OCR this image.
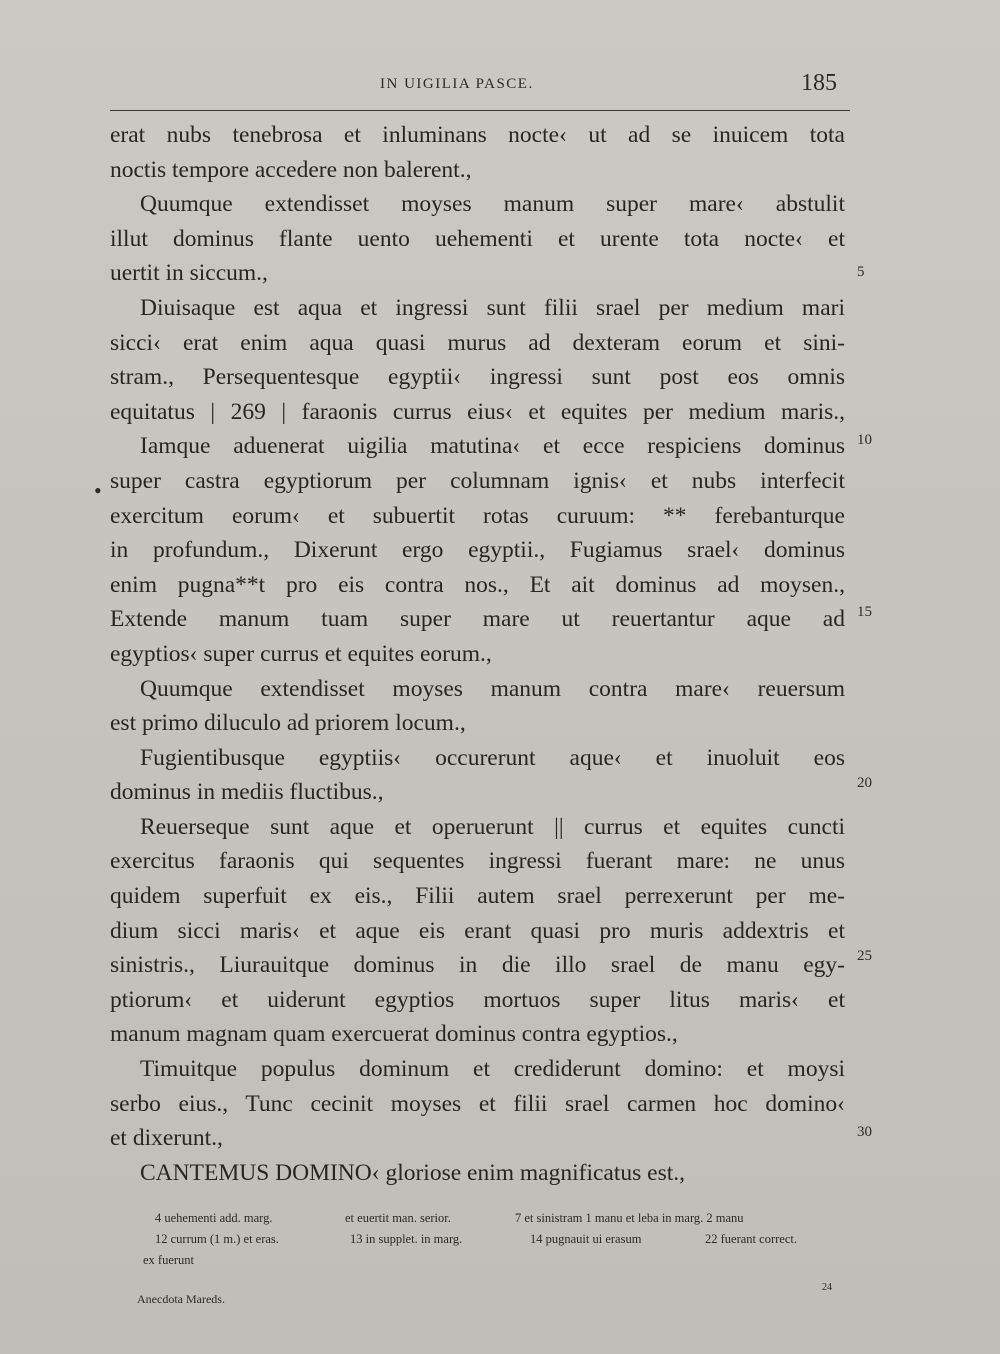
IN UIGILIA PASCE.	185
•
erat nubs tenebrosa et inluminans nocte‹ ut ad se inuicem tota
noctis tempore accedere non balerent.,
Quumque extendisset moyses manum super mare‹ abstulit
illut dominus flante uento uehementi et urente tota nocte‹ et
uertit in siccum.,
Diuisaque est aqua et ingressi sunt filii srael per medium mari
sicci‹ erat enim aqua quasi murus ad dexteram eorum et sini-
stram., Persequentesque egyptii‹ ingressi sunt post eos omnis
equitatus | 269 | faraonis currus eius‹ et equites per medium maris.,
Iamque aduenerat uigilia matutina‹ et ecce respiciens dominus
super castra egyptiorum per columnam ignis‹ et nubs interfecit
exercitum eorum‹ et subuertit rotas curuum: ** ferebanturque
in profundum., Dixerunt ergo egyptii., Fugiamus srael‹ dominus
enim pugna**t pro eis contra nos., Et ait dominus ad moysen.,
Extende manum tuam super mare ut reuertantur aque ad
egyptios‹ super currus et equites eorum.,
Quumque extendisset moyses manum contra mare‹ reuersum
est primo diluculo ad priorem locum.,
Fugientibusque egyptiis‹ occurerunt aque‹ et inuoluit eos
dominus in mediis fluctibus.,
Reuerseque sunt aque et operuerunt || currus et equites cuncti
exercitus faraonis qui sequentes ingressi fuerant mare: ne unus
quidem superfuit ex eis., Filii autem srael perrexerunt per me-
dium sicci maris‹ et aque eis erant quasi pro muris addextris et
sinistris., Liurauitque dominus in die illo srael de manu egy-
ptiorum‹ et uiderunt egyptios mortuos super litus maris‹ et
manum magnam quam exercuerat dominus contra egyptios.,
Timuitque populus dominum et crediderunt domino: et moysi
serbo eius., Tunc cecinit moyses et filii srael carmen hoc domino‹
et dixerunt.,
CANTEMUS DOMINO‹ gloriose enim magnificatus est.,
5
10
15
20
25
30
4 uehementi add. marg.	et euertit man. serior.	7 et sinistram 1 manu et leba in marg. 2 manu
12 currum (1 m.) et eras.	13 in supplet. in marg.	14 pugnauit ui erasum	22 fuerant correct.
ex fuerunt
Anecdota Mareds.
24
